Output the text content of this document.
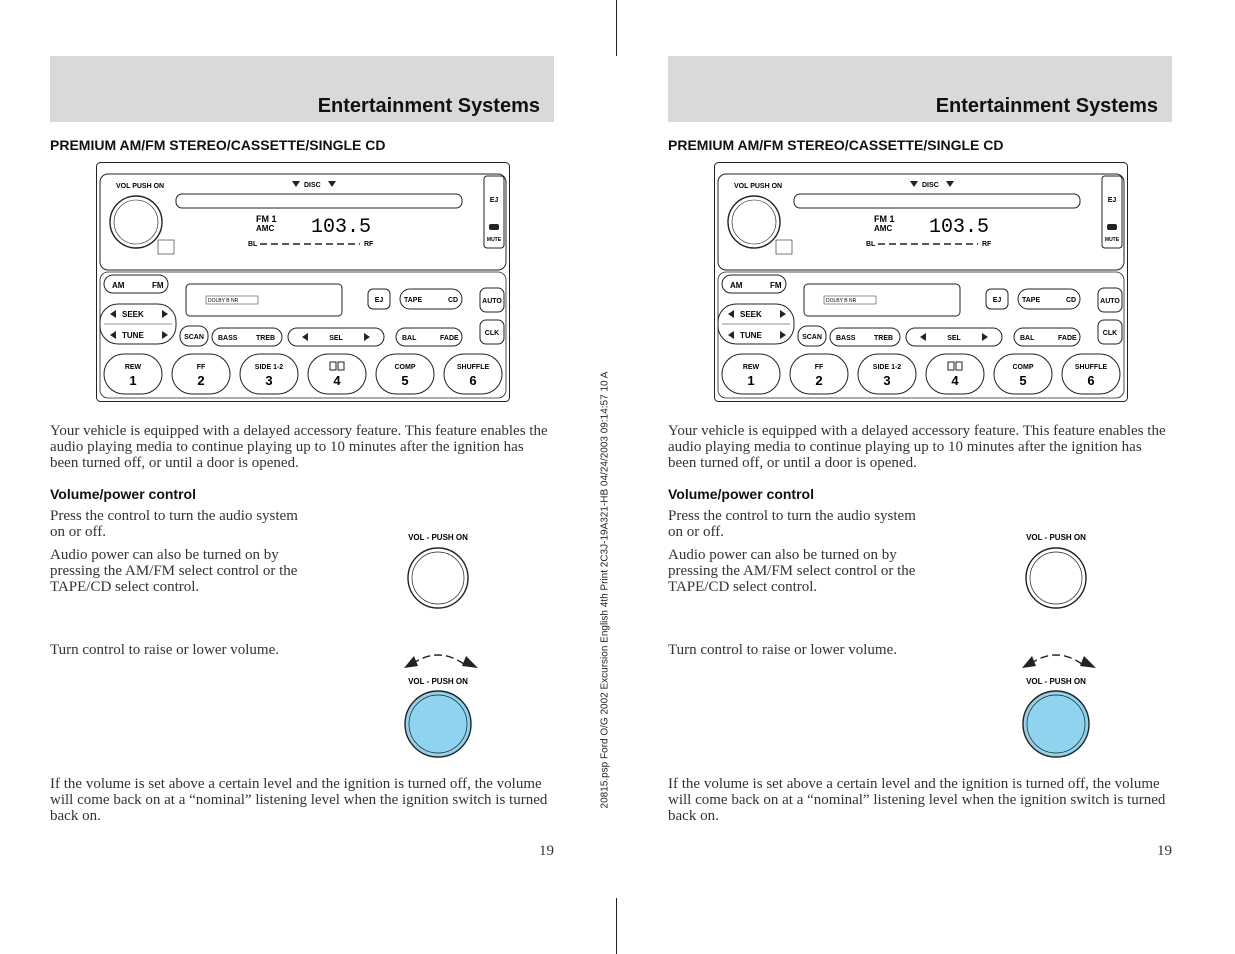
Entertainment Systems
PREMIUM AM/FM STEREO/CASSETTE/SINGLE CD
VOL PUSH ON	DISC
EJ
MUTE
FM 1
AMC 103.5
BL	RF
AM	FM
DOLBY B NR	EJ	TAPE	CD	AUTO
SEEK
TUNE	SCAN BASS	TREB	SEL	BAL	FADE
CLK
REW
1
FF
2
SIDE 1-2
3	4
COMP
5
SHUFFLE
6
Your vehicle is equipped with a delayed accessory feature. This feature enables the audio playing media to continue playing up to 10 minutes after the ignition has been turned off, or until a door is opened.
Volume/power control
Press the control to turn the audio system on or off.
Audio power can also be turned on by pressing the AM/FM select control or the TAPE/CD select control.
Turn control to raise or lower volume.
VOL - PUSH ON
VOL - PUSH ON
If the volume is set above a certain level and the ignition is turned off, the volume will come back on at a “nominal” listening level when the ignition switch is turned back on.
19
20815.psp Ford O/G 2002 Excursion English 4th Print 2C3J-19A321-HB 04/24/2003 09:14:57 10 A
Entertainment Systems
PREMIUM AM/FM STEREO/CASSETTE/SINGLE CD
VOL PUSH ON	DISC
EJ
MUTE
FM 1
AMC 103.5
BL	RF
AM	FM
DOLBY B NR	EJ	TAPE	CD	AUTO
SEEK
TUNE	SCAN BASS	TREB	SEL	BAL	FADE
CLK
REW
1
FF
2
SIDE 1-2
3	4
COMP
5
SHUFFLE
6
Your vehicle is equipped with a delayed accessory feature. This feature enables the audio playing media to continue playing up to 10 minutes after the ignition has been turned off, or until a door is opened.
Volume/power control
Press the control to turn the audio system on or off.
Audio power can also be turned on by pressing the AM/FM select control or the TAPE/CD select control.
Turn control to raise or lower volume.
VOL - PUSH ON
VOL - PUSH ON
If the volume is set above a certain level and the ignition is turned off, the volume will come back on at a “nominal” listening level when the ignition switch is turned back on.
19
